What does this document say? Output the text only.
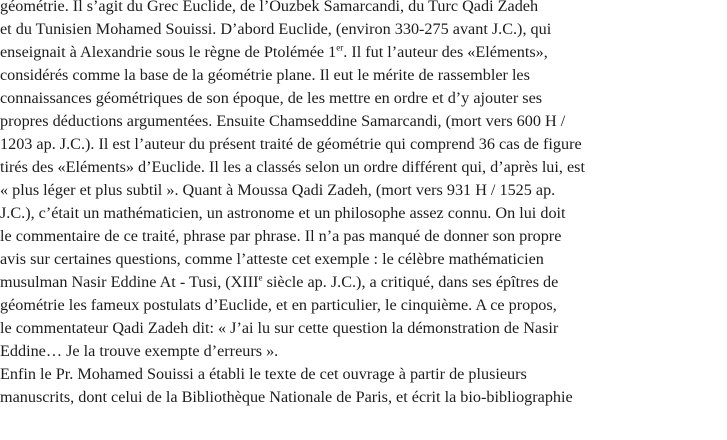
géométrie. Il s’agit du Grec Euclide, de l’Ouzbek Samarcandi, du Turc Qadi Zadeh
et du Tunisien Mohamed Souissi. D’abord Euclide, (environ 330-275 avant J.C.), qui
enseignait à Alexandrie sous le règne de Ptolémée 1er. Il fut l’auteur des «Eléments»,
considérés comme la base de la géométrie plane. Il eut le mérite de rassembler les
connaissances géométriques de son époque, de les mettre en ordre et d’y ajouter ses
propres déductions argumentées. Ensuite Chamseddine Samarcandi, (mort vers 600 H /
1203 ap. J.C.). Il est l’auteur du présent traité de géométrie qui comprend 36 cas de figure
tirés des «Eléments» d’Euclide. Il les a classés selon un ordre différent qui, d’après lui, est
« plus léger et plus subtil ». Quant à Moussa Qadi Zadeh, (mort vers 931 H / 1525 ap.
J.C.), c’était un mathématicien, un astronome et un philosophe assez connu. On lui doit
le commentaire de ce traité, phrase par phrase. Il n’a pas manqué de donner son propre
avis sur certaines questions, comme l’atteste cet exemple : le célèbre mathématicien
musulman Nasir Eddine At - Tusi, (XIIIe siècle ap. J.C.), a critiqué, dans ses épîtres de
géométrie les fameux postulats d’Euclide, et en particulier, le cinquième. A ce propos,
le commentateur Qadi Zadeh dit: « J’ai lu sur cette question la démonstration de Nasir
Eddine… Je la trouve exempte d’erreurs ».
Enfin le Pr. Mohamed Souissi a établi le texte de cet ouvrage à partir de plusieurs
manuscrits, dont celui de la Bibliothèque Nationale de Paris, et écrit la bio-bibliographie
